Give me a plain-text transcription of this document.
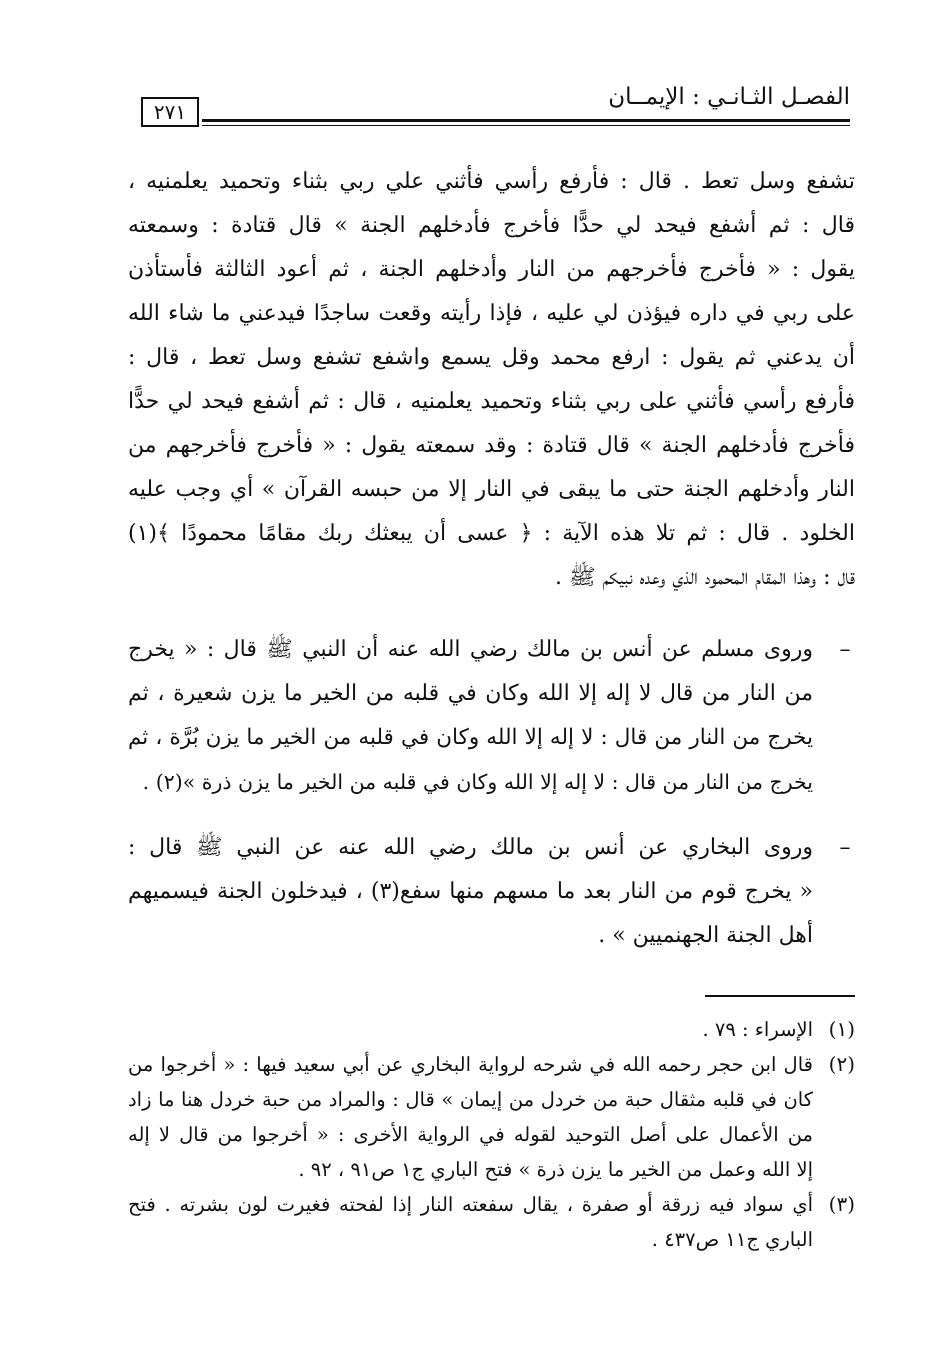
الفصـل الثـانـي : الإيمــان
٢٧١
تشفع وسل تعط . قال : فأرفع رأسي فأثني علي ربي بثناء وتحميد يعلمنيه ،
قال : ثم أشفع فيحد لي حدًّا فأخرج فأدخلهم الجنة » قال قتادة : وسمعته
يقول : « فأخرج فأخرجهم من النار وأدخلهم الجنة ، ثم أعود الثالثة فأستأذن
على ربي في داره فيؤذن لي عليه ، فإذا رأيته وقعت ساجدًا فيدعني ما شاء الله
أن يدعني ثم يقول : ارفع محمد وقل يسمع واشفع تشفع وسل تعط ، قال :
فأرفع رأسي فأثني على ربي بثناء وتحميد يعلمنيه ، قال : ثم أشفع فيحد لي حدًّا
فأخرج فأدخلهم الجنة » قال قتادة : وقد سمعته يقول : « فأخرج فأخرجهم من
النار وأدخلهم الجنة حتى ما يبقى في النار إلا من حبسه القرآن » أي وجب عليه
الخلود . قال : ثم تلا هذه الآية : ﴿ عسى أن يبعثك ربك مقامًا محمودًا ﴾(١)
قال : وهذا المقام المحمود الذي وعده نبيكم ﷺ .
–
وروى مسلم عن أنس بن مالك رضي الله عنه أن النبي ﷺ قال : « يخرج
من النار من قال لا إله إلا الله وكان في قلبه من الخير ما يزن شعيرة ، ثم
يخرج من النار من قال : لا إله إلا الله وكان في قلبه من الخير ما يزن بُرَّة ، ثم
يخرج من النار من قال : لا إله إلا الله وكان في قلبه من الخير ما يزن ذرة »(٢) .
–
وروى البخاري عن أنس بن مالك رضي الله عنه عن النبي ﷺ قال :
« يخرج قوم من النار بعد ما مسهم منها سفع(٣) ، فيدخلون الجنة فيسميهم
أهل الجنة الجهنميين » .
(١)
الإسراء : ٧٩ .
(٢)
قال ابن حجر رحمه الله في شرحه لرواية البخاري عن أبي سعيد فيها : « أخرجوا من
كان في قلبه مثقال حبة من خردل من إيمان » قال : والمراد من حبة خردل هنا ما زاد
من الأعمال على أصل التوحيد لقوله في الرواية الأخرى : « أخرجوا من قال لا إله
إلا الله وعمل من الخير ما يزن ذرة » فتح الباري ج١ ص٩١ ، ٩٢ .
(٣)
أي سواد فيه زرقة أو صفرة ، يقال سفعته النار إذا لفحته فغيرت لون بشرته . فتح
الباري ج١١ ص٤٣٧ .
